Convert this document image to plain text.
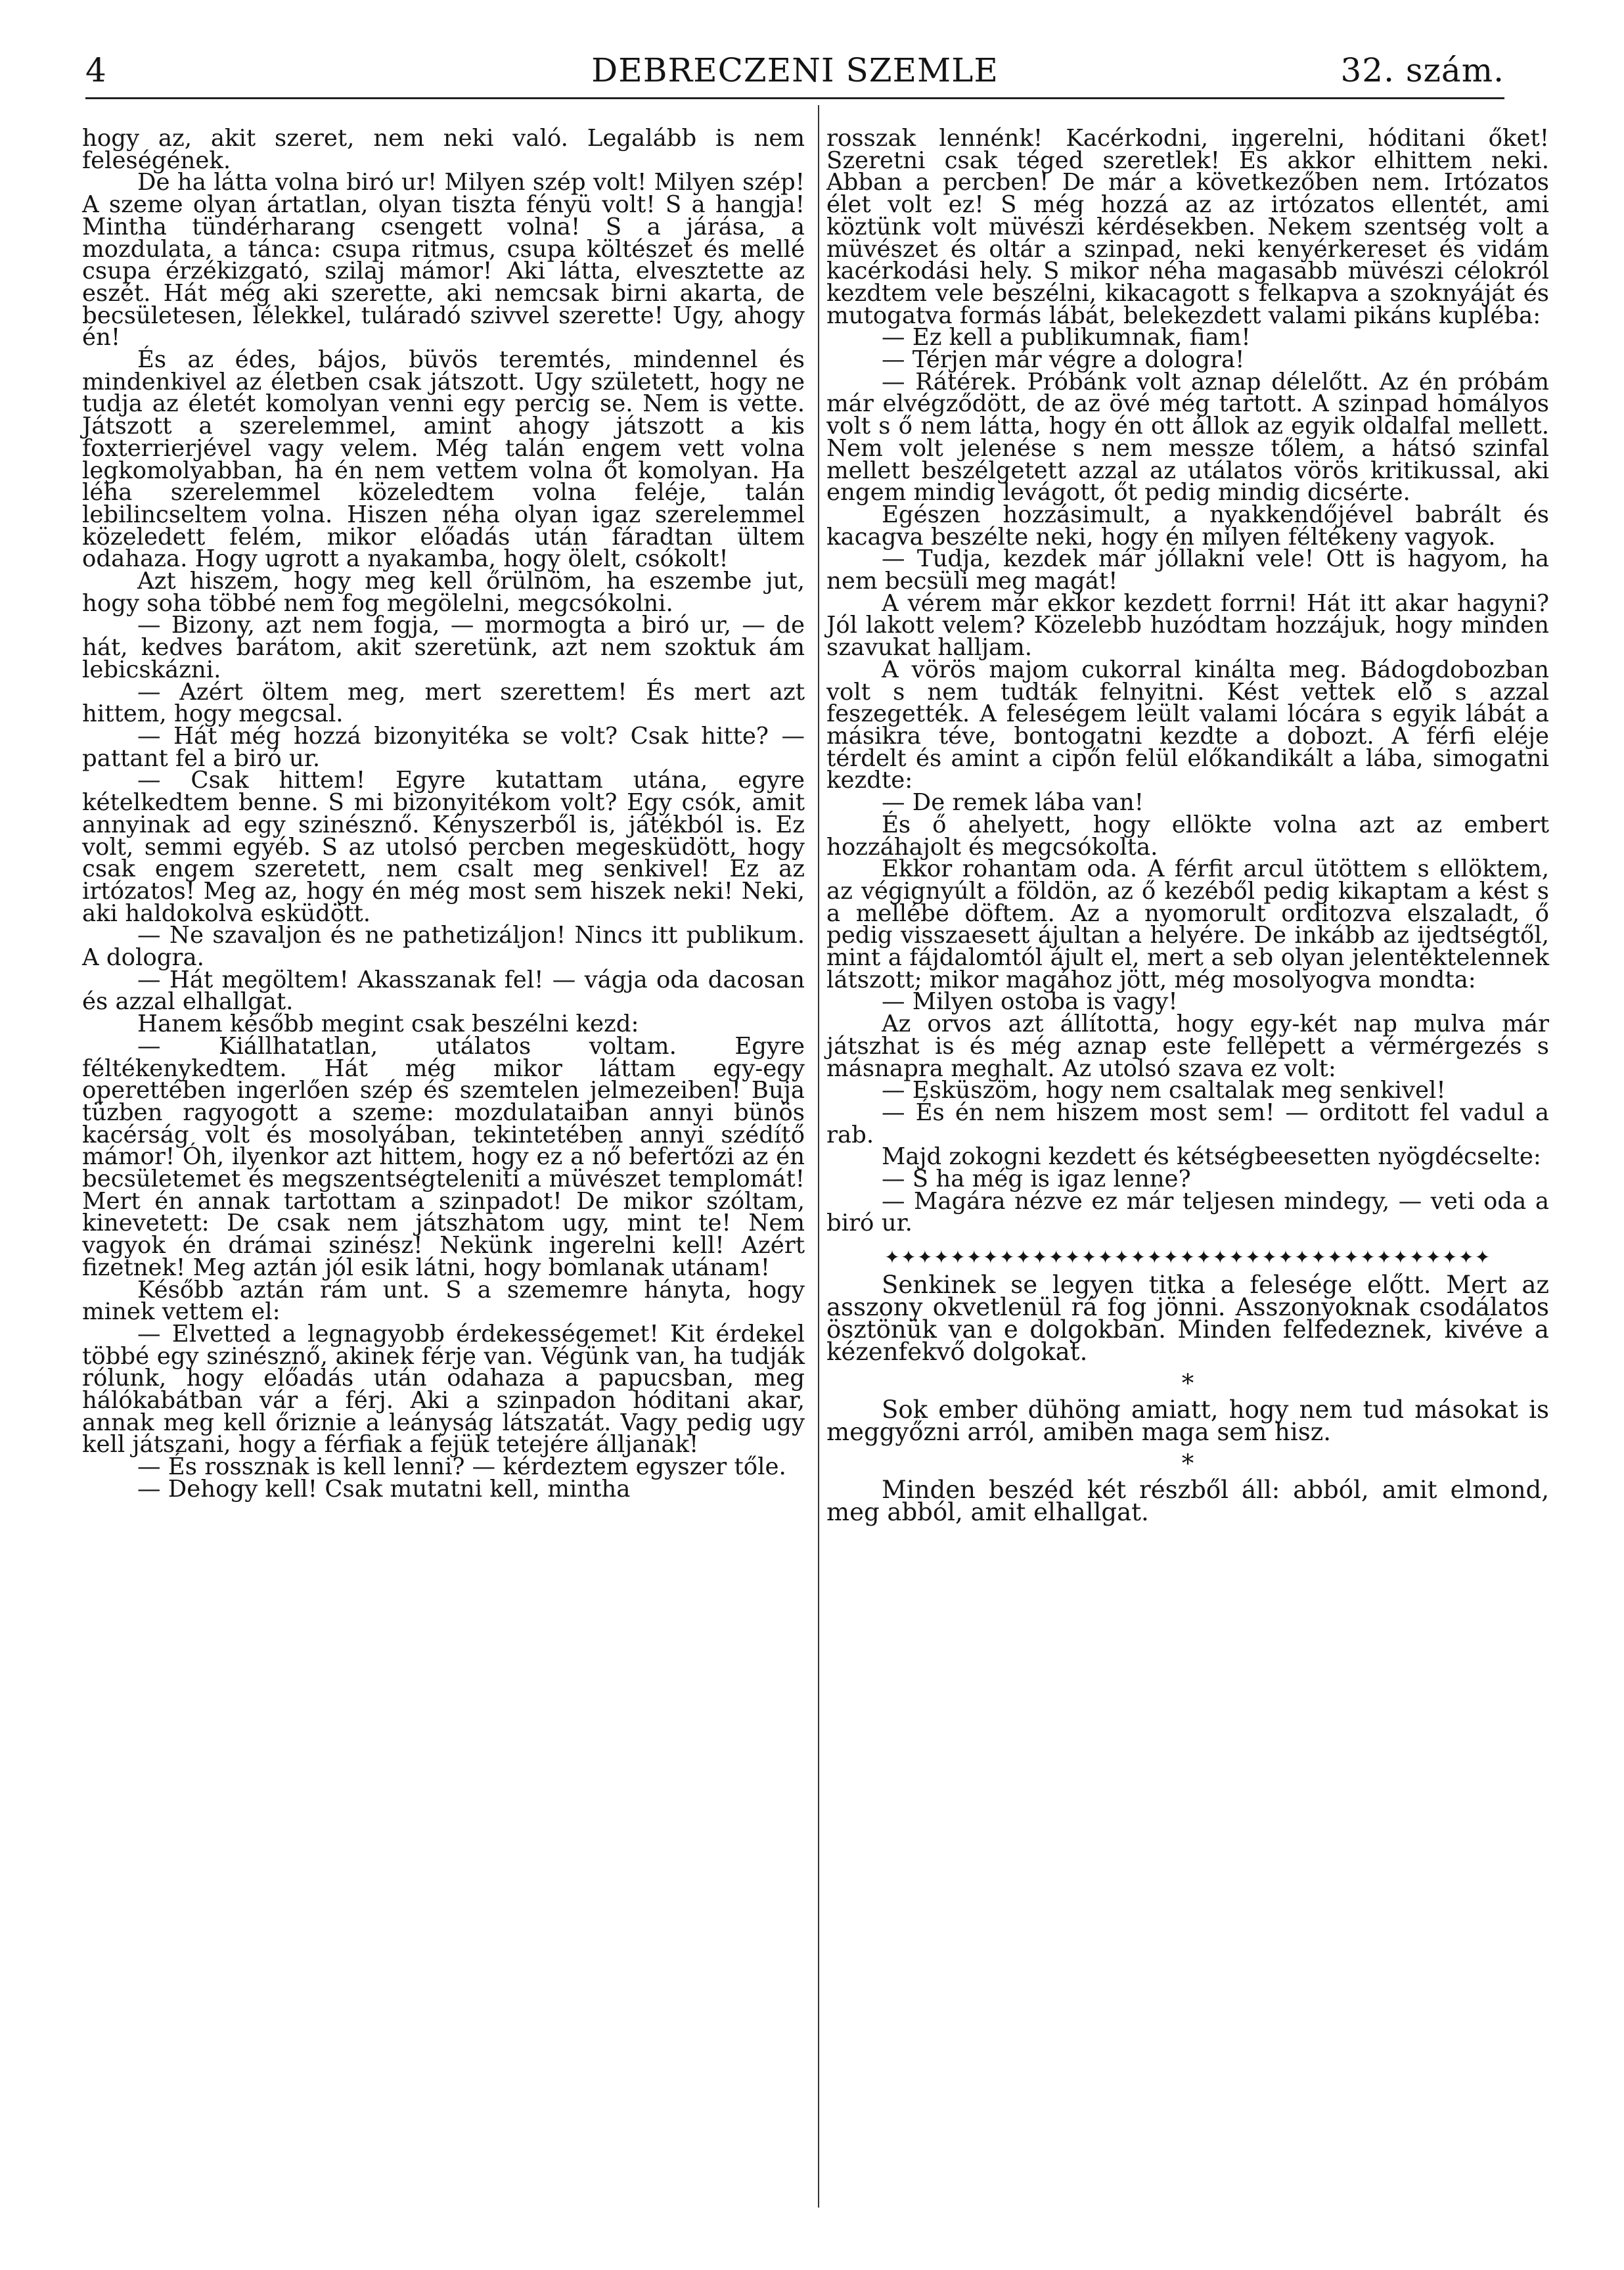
4	DEBRECZENI SZEMLE	32. szám.

hogy az, akit szeret, nem neki való. Legalább is nem feleségének.

De ha látta volna biró ur! Milyen szép volt! Milyen szép! A szeme olyan ártatlan, olyan tiszta fényü volt! S a hangja! Mintha tündérharang csengett volna! S a járása, a mozdulata, a tánca: csupa ritmus, csupa költészet és mellé csupa érzékizgató, szilaj mámor! Aki látta, elvesztette az eszét. Hát még aki szerette, aki nemcsak birni akarta, de becsületesen, lélekkel, tuláradó szivvel szerette! Ugy, ahogy én!

És az édes, bájos, büvös teremtés, mindennel és mindenkivel az életben csak játszott. Ugy született, hogy ne tudja az életét komolyan venni egy percig se. Nem is vette. Játszott a szerelemmel, amint ahogy játszott a kis foxterrierjével vagy velem. Még talán engem vett volna legkomolyabban, ha én nem vettem volna őt komolyan. Ha léha szerelemmel közeledtem volna feléje, talán lebilincseltem volna. Hiszen néha olyan igaz szerelemmel közeledett felém, mikor előadás után fáradtan ültem odahaza. Hogy ugrott a nyakamba, hogy ölelt, csókolt!

Azt hiszem, hogy meg kell őrülnöm, ha eszembe jut, hogy soha többé nem fog megölelni, megcsókolni.

— Bizony, azt nem fogja, — mormogta a biró ur, — de hát, kedves barátom, akit szeretünk, azt nem szoktuk ám lebicskázni.

— Azért öltem meg, mert szerettem! És mert azt hittem, hogy megcsal.

— Hát még hozzá bizonyitéka se volt? Csak hitte? — pattant fel a biró ur.

— Csak hittem! Egyre kutattam utána, egyre kételkedtem benne. S mi bizonyitékom volt? Egy csók, amit annyinak ad egy szinésznő. Kényszerből is, játékból is. Ez volt, semmi egyéb. S az utolsó percben megesküdött, hogy csak engem szeretett, nem csalt meg senkivel! Ez az irtózatos! Meg az, hogy én még most sem hiszek neki! Neki, aki haldokolva esküdött.

— Ne szavaljon és ne pathetizáljon! Nincs itt publikum. A dologra.

— Hát megöltem! Akasszanak fel! — vágja oda dacosan és azzal elhallgat.

Hanem később megint csak beszélni kezd:

— Kiállhatatlan, utálatos voltam. Egyre féltékenykedtem. Hát még mikor láttam egy-egy operettében ingerlően szép és szemtelen jelmezeiben! Buja tüzben ragyogott a szeme: mozdulataiban annyi bünös kacérság volt és mosolyában, tekintetében annyi szédítő mámor! Óh, ilyenkor azt hittem, hogy ez a nő befertőzi az én becsületemet és megszentségteleniti a müvészet templomát! Mert én annak tartottam a szinpadot! De mikor szóltam, kinevetett: De csak nem játszhatom ugy, mint te! Nem vagyok én drámai szinész! Nekünk ingerelni kell! Azért fizetnek! Meg aztán jól esik látni, hogy bomlanak utánam!

Később aztán rám unt. S a szememre hányta, hogy minek vettem el:

— Elvetted a legnagyobb érdekességemet! Kit érdekel többé egy szinésznő, akinek férje van. Végünk van, ha tudják rólunk, hogy előadás után odahaza a papucsban, meg hálókabátban vár a férj. Aki a szinpadon hóditani akar, annak meg kell őriznie a leányság látszatát. Vagy pedig ugy kell játszani, hogy a férfiak a fejük tetejére álljanak!

— És rossznak is kell lenni? — kérdeztem egyszer tőle.

— Dehogy kell! Csak mutatni kell, mintha

rosszak lennénk! Kacérkodni, ingerelni, hóditani őket! Szeretni csak téged szeretlek! És akkor elhittem neki. Abban a percben! De már a következőben nem. Irtózatos élet volt ez! S még hozzá az az irtózatos ellentét, ami köztünk volt müvészi kérdésekben. Nekem szentség volt a müvészet és oltár a szinpad, neki kenyérkereset és vidám kacérkodási hely. S mikor néha magasabb müvészi célokról kezdtem vele beszélni, kikacagott s felkapva a szoknyáját és mutogatva formás lábát, belekezdett valami pikáns kupléba:

— Ez kell a publikumnak, fiam!

— Térjen már végre a dologra!

— Rátérek. Próbánk volt aznap délelőtt. Az én próbám már elvégződött, de az övé még tartott. A szinpad homályos volt s ő nem látta, hogy én ott állok az egyik oldalfal mellett. Nem volt jelenése s nem messze tőlem, a hátsó szinfal mellett beszélgetett azzal az utálatos vörös kritikussal, aki engem mindig levágott, őt pedig mindig dicsérte.

Egészen hozzásimult, a nyakkendőjével babrált és kacagva beszélte neki, hogy én milyen féltékeny vagyok.

— Tudja, kezdek már jóllakni vele! Ott is hagyom, ha nem becsüli meg magát!

A vérem már ekkor kezdett forrni! Hát itt akar hagyni? Jól lakott velem? Közelebb huzódtam hozzájuk, hogy minden szavukat halljam.

A vörös majom cukorral kinálta meg. Bádogdobozban volt s nem tudták felnyitni. Kést vettek elő s azzal feszegették. A feleségem leült valami lócára s egyik lábát a másikra téve, bontogatni kezdte a dobozt. A férfi eléje térdelt és amint a cipőn felül előkandikált a lába, simogatni kezdte:

— De remek lába van!

És ő ahelyett, hogy ellökte volna azt az embert hozzáhajolt és megcsókolta.

Ekkor rohantam oda. A férfit arcul ütöttem s ellöktem, az végignyúlt a földön, az ő kezéből pedig kikaptam a kést s a mellébe döftem. Az a nyomorult orditozva elszaladt, ő pedig visszaesett ájultan a helyére. De inkább az ijedtségtől, mint a fájdalomtól ájult el, mert a seb olyan jelentéktelennek látszott; mikor magához jött, még mosolyogva mondta:

— Milyen ostoba is vagy!

Az orvos azt állította, hogy egy-két nap mulva már játszhat is és még aznap este fellépett a vérmérgezés s másnapra meghalt. Az utolsó szava ez volt:

— Esküszöm, hogy nem csaltalak meg senkivel!

— És én nem hiszem most sem! — orditott fel vadul a rab.

Majd zokogni kezdett és kétségbeesetten nyögdécselte:

— S ha még is igaz lenne?

— Magára nézve ez már teljesen mindegy, — veti oda a biró ur.

✦✦✦✦✦✦✦✦✦✦✦✦✦✦✦✦✦✦✦✦✦✦✦✦✦✦✦✦✦✦✦✦✦✦✦✦✦

Senkinek se legyen titka a felesége előtt. Mert az asszony okvetlenül rá fog jönni. Asszonyoknak csodálatos ösztönük van e dolgokban. Minden felfedeznek, kivéve a kézenfekvő dolgokat.

*

Sok ember dühöng amiatt, hogy nem tud másokat is meggyőzni arról, amiben maga sem hisz.

*

Minden beszéd két részből áll: abból, amit elmond, meg abból, amit elhallgat.
